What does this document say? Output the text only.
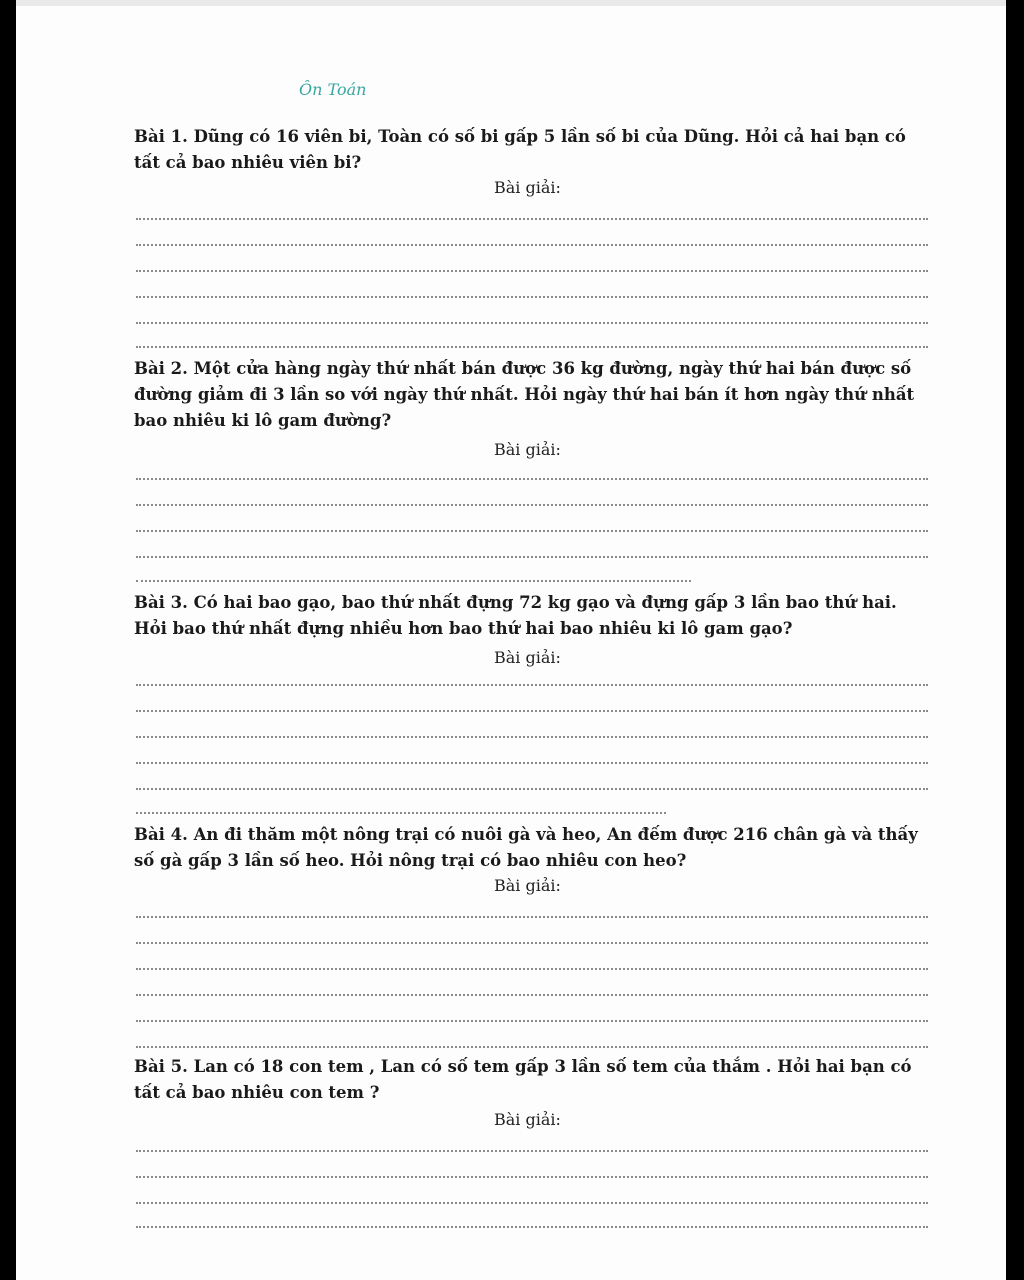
Ôn Toán

Bài 1. Dũng có 16 viên bi, Toàn có số bi gấp 5 lần số bi của Dũng. Hỏi cả hai bạn có tất cả bao nhiêu viên bi?

Bài giải:

Bài 2. Một cửa hàng ngày thứ nhất bán được 36 kg đường, ngày thứ hai bán được số đường giảm đi 3 lần so với ngày thứ nhất. Hỏi ngày thứ hai bán ít hơn ngày thứ nhất bao nhiêu ki lô gam đường?

Bài giải:

Bài 3. Có hai bao gạo, bao thứ nhất đựng 72 kg gạo và đựng gấp 3 lần bao thứ hai. Hỏi bao thứ nhất đựng nhiều hơn bao thứ hai bao nhiêu ki lô gam gạo?

Bài giải:

Bài 4. An đi thăm một nông trại có nuôi gà và heo, An đếm được 216 chân gà và thấy số gà gấp 3 lần số heo. Hỏi nông trại có bao nhiêu con heo?

Bài giải:

Bài 5. Lan có 18 con tem , Lan có số tem gấp 3 lần số tem của thắm . Hỏi hai bạn có tất cả bao nhiêu con tem ?

Bài giải:
